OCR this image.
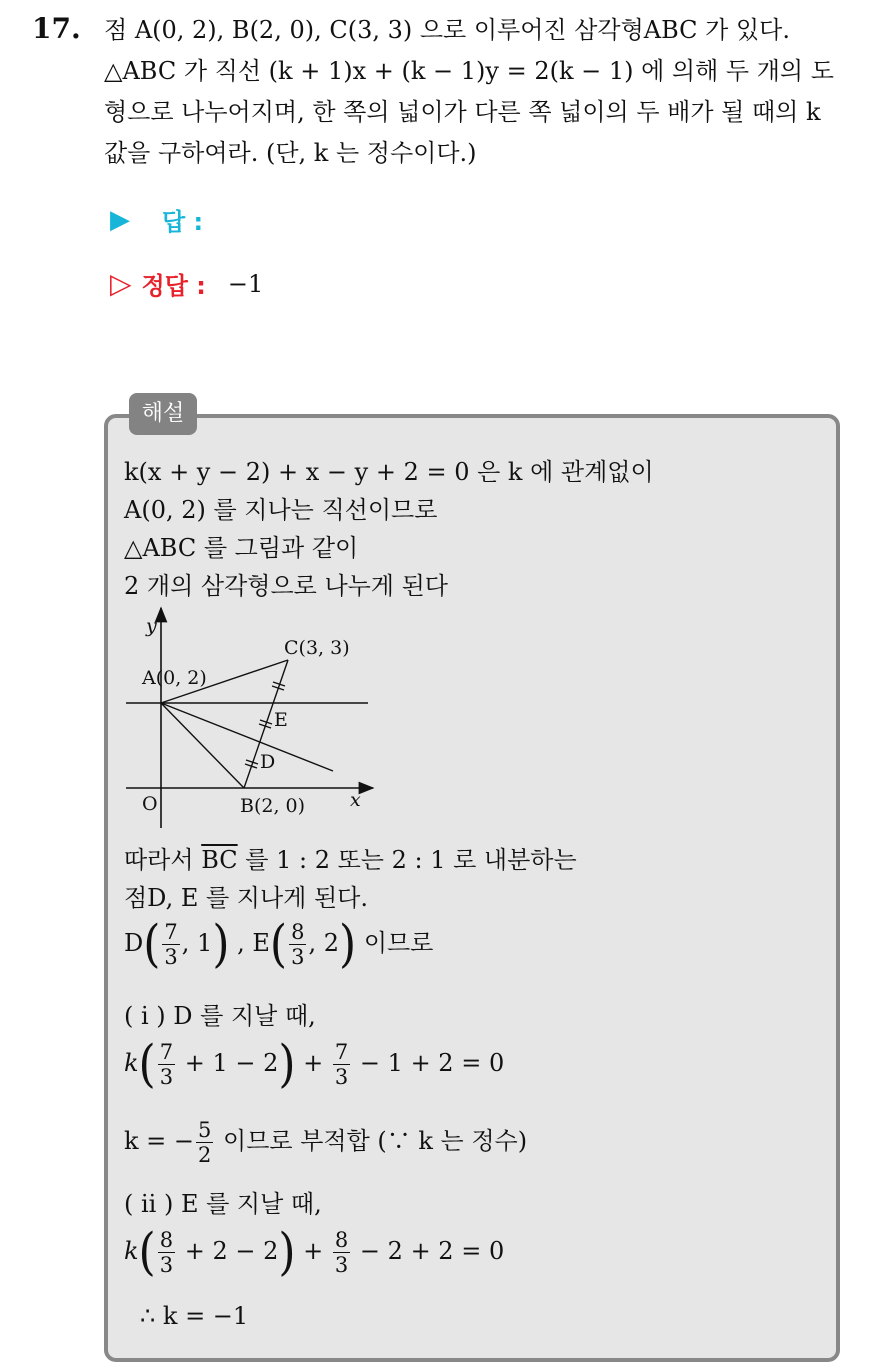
17. 점 A(0, 2), B(2, 0), C(3, 3) 으로 이루어진 삼각형ABC 가 있다.

△ABC 가 직선 (k + 1)x + (k − 1)y = 2(k − 1) 에 의해 두 개의 도

형으로 나누어지며, 한 쪽의 넓이가 다른 쪽 넓이의 두 배가 될 때의 k

값을 구하여라. (단, k 는 정수이다.)

▶ 답 :
▷ 정답 : −1
해설
k(x + y − 2) + x − y + 2 = 0 은 k 에 관계없이
A(0, 2) 를 지나는 직선이므로
△ABC 를 그림과 같이
2 개의 삼각형으로 나누게 된다
y
x
O
A(0, 2)
B(2, 0)
C(3, 3)
E
D
따라서 $\overline{BC}$ 를 1 : 2 또는 2 : 1 로 내분하는
점D, E 를 지나게 된다.
$D( \frac{7}{3}$ , 1) , $E( \frac{8}{3}$ , 2) 이므로
( i ) D 를 지날 때,
$k( \frac{7}{3} + 1 - 2) + \frac{7}{3} - 1 + 2 = 0$
k = − $\frac{5}{2}$ 이므로 부적합 (∵ k 는 정수)
( ii ) E 를 지날 때,
$k( \frac{8}{3} + 2 - 2) + \frac{8}{3} - 2 + 2 = 0$
∴ k = −1
